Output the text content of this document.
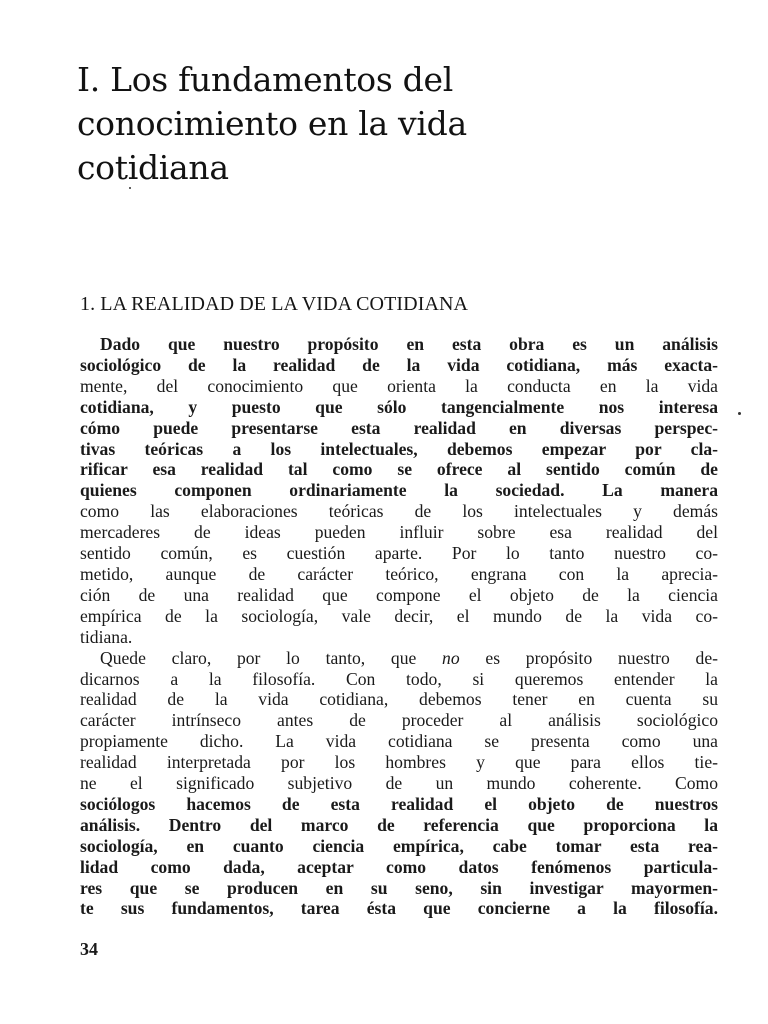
I. Los fundamentos del
conocimiento en la vida
cotidiana
1. LA REALIDAD DE LA VIDA COTIDIANA

Dado que nuestro propósito en esta obra es un análisis
sociológico de la realidad de la vida cotidiana, más exacta-
mente, del conocimiento que orienta la conducta en la vida
cotidiana, y puesto que sólo tangencialmente nos interesa
cómo puede presentarse esta realidad en diversas perspec-
tivas teóricas a los intelectuales, debemos empezar por cla-
rificar esa realidad tal como se ofrece al sentido común de
quienes componen ordinariamente la sociedad. La manera
como las elaboraciones teóricas de los intelectuales y demás
mercaderes de ideas pueden influir sobre esa realidad del
sentido común, es cuestión aparte. Por lo tanto nuestro co-
metido, aunque de carácter teórico, engrana con la aprecia-
ción de una realidad que compone el objeto de la ciencia
empírica de la sociología, vale decir, el mundo de la vida co-
tidiana.

Quede claro, por lo tanto, que no es propósito nuestro de-
dicarnos a la filosofía. Con todo, si queremos entender la
realidad de la vida cotidiana, debemos tener en cuenta su
carácter intrínseco antes de proceder al análisis sociológico
propiamente dicho. La vida cotidiana se presenta como una
realidad interpretada por los hombres y que para ellos tie-
ne el significado subjetivo de un mundo coherente. Como
sociólogos hacemos de esta realidad el objeto de nuestros
análisis. Dentro del marco de referencia que proporciona la
sociología, en cuanto ciencia empírica, cabe tomar esta rea-
lidad como dada, aceptar como datos fenómenos particula-
res que se producen en su seno, sin investigar mayormen-
te sus fundamentos, tarea ésta que concierne a la filosofía.

34
